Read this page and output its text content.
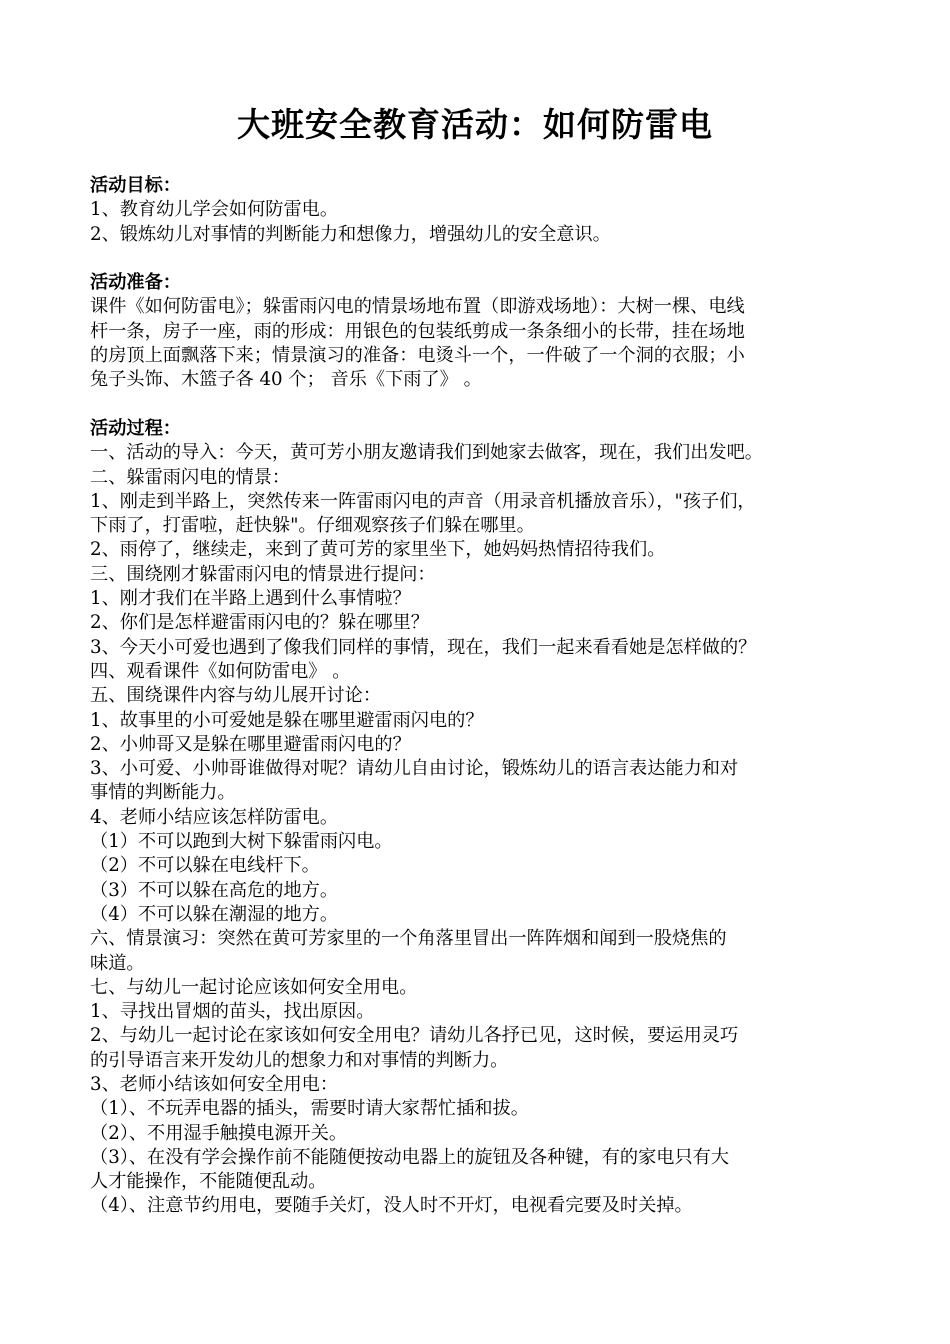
大班安全教育活动：如何防雷电
活动目标：
1、教育幼儿学会如何防雷电。
2、锻炼幼儿对事情的判断能力和想像力，增强幼儿的安全意识。
活动准备：
课件《如何防雷电》；躲雷雨闪电的情景场地布置（即游戏场地）：大树一棵、电线
杆一条，房子一座，雨的形成：用银色的包装纸剪成一条条细小的长带，挂在场地
的房顶上面飘落下来；情景演习的准备：电烫斗一个，一件破了一个洞的衣服；小
兔子头饰、木篮子各 40 个； 音乐《下雨了》 。
活动过程：
一、活动的导入：今天，黄可芳小朋友邀请我们到她家去做客，现在，我们出发吧。
二、躲雷雨闪电的情景：
1、刚走到半路上，突然传来一阵雷雨闪电的声音（用录音机播放音乐），"孩子们，
下雨了，打雷啦，赶快躲"。仔细观察孩子们躲在哪里。
2、雨停了，继续走，来到了黄可芳的家里坐下，她妈妈热情招待我们。
三、围绕刚才躲雷雨闪电的情景进行提问：
1、刚才我们在半路上遇到什么事情啦？
2、你们是怎样避雷雨闪电的？躲在哪里？
3、今天小可爱也遇到了像我们同样的事情，现在，我们一起来看看她是怎样做的？
四、观看课件《如何防雷电》 。
五、围绕课件内容与幼儿展开讨论：
1、故事里的小可爱她是躲在哪里避雷雨闪电的？
2、小帅哥又是躲在哪里避雷雨闪电的？
3、小可爱、小帅哥谁做得对呢？请幼儿自由讨论，锻炼幼儿的语言表达能力和对
事情的判断能力。
4、老师小结应该怎样防雷电。
（1）不可以跑到大树下躲雷雨闪电。
（2）不可以躲在电线杆下。
（3）不可以躲在高危的地方。
（4）不可以躲在潮湿的地方。
六、情景演习：突然在黄可芳家里的一个角落里冒出一阵阵烟和闻到一股烧焦的
味道。
七、与幼儿一起讨论应该如何安全用电。
1、寻找出冒烟的苗头，找出原因。
2、与幼儿一起讨论在家该如何安全用电？请幼儿各抒已见，这时候，要运用灵巧
的引导语言来开发幼儿的想象力和对事情的判断力。
3、老师小结该如何安全用电：
（1）、不玩弄电器的插头，需要时请大家帮忙插和拔。
（2）、不用湿手触摸电源开关。
（3）、在没有学会操作前不能随便按动电器上的旋钮及各种键，有的家电只有大
人才能操作，不能随便乱动。
（4）、注意节约用电，要随手关灯，没人时不开灯，电视看完要及时关掉。
